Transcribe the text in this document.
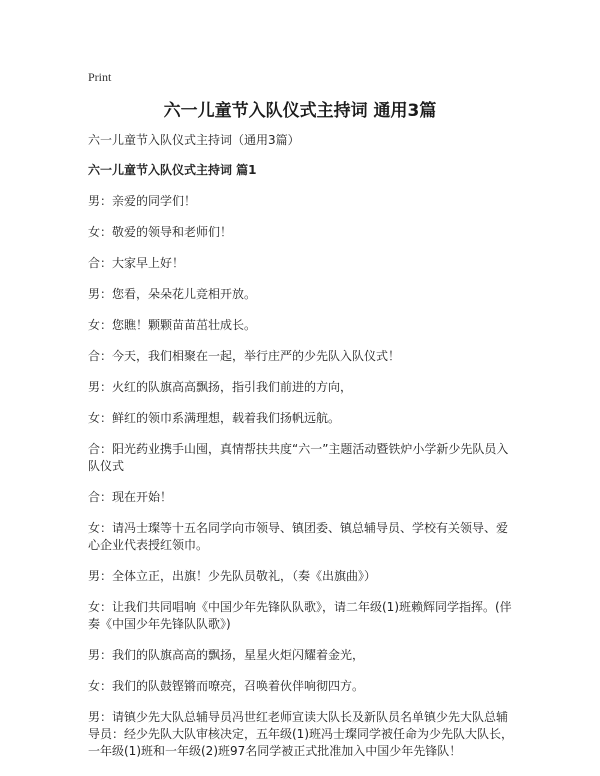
Print
六一儿童节入队仪式主持词 通用3篇

六一儿童节入队仪式主持词（通用3篇）

六一儿童节入队仪式主持词 篇1

男：亲爱的同学们！

女：敬爱的领导和老师们！

合：大家早上好！

男：您看，朵朵花儿竞相开放。

女：您瞧！颗颗苗苗茁壮成长。

合：今天，我们相聚在一起，举行庄严的少先队入队仪式！

男：火红的队旗高高飘扬，指引我们前进的方向，

女：鲜红的领巾系满理想，载着我们扬帆远航。

合：阳光药业携手山囤，真情帮扶共度“六一”主题活动暨铁炉小学新少先队员入队仪式

合：现在开始！

女：请冯士璨等十五名同学向市领导、镇团委、镇总辅导员、学校有关领导、爱心企业代表授红领巾。

男：全体立正，出旗！少先队员敬礼，（奏《出旗曲》）

女：让我们共同唱响《中国少年先锋队队歌》，请二年级(1)班赖辉同学指挥。(伴奏《中国少年先锋队队歌》)

男：我们的队旗高高的飘扬，星星火炬闪耀着金光，

女：我们的队鼓铿锵而嘹亮，召唤着伙伴响彻四方。

男：请镇少先大队总辅导员冯世红老师宣读大队长及新队员名单镇少先大队总辅导员：经少先队大队审核决定，五年级(1)班冯士璨同学被任命为少先队大队长，一年级(1)班和一年级(2)班97名同学被正式批准加入中国少年先锋队！
